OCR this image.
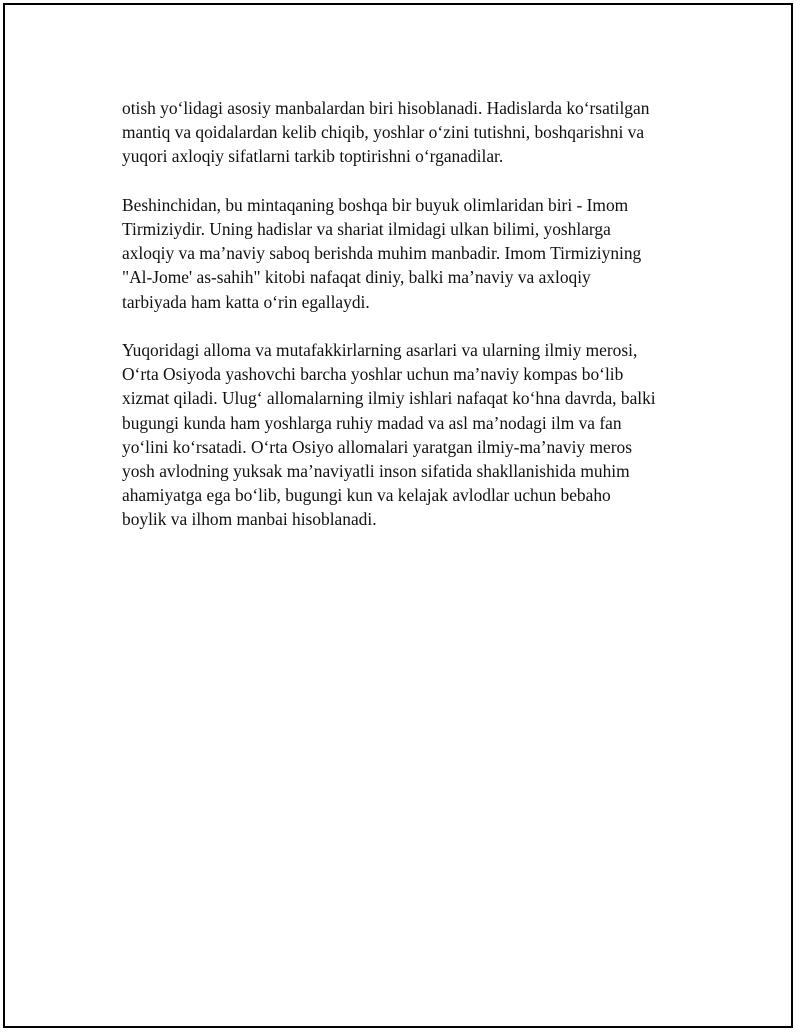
otish yo‘lidagi asosiy manbalardan biri hisoblanadi. Hadislarda ko‘rsatilgan
mantiq va qoidalardan kelib chiqib, yoshlar o‘zini tutishni, boshqarishni va
yuqori axloqiy sifatlarni tarkib toptirishni o‘rganadilar.

Beshinchidan, bu mintaqaning boshqa bir buyuk olimlaridan biri - Imom
Tirmiziydir. Uning hadislar va shariat ilmidagi ulkan bilimi, yoshlarga
axloqiy va ma’naviy saboq berishda muhim manbadir. Imom Tirmiziyning
"Al-Jome' as-sahih" kitobi nafaqat diniy, balki ma’naviy va axloqiy
tarbiyada ham katta o‘rin egallaydi.

Yuqoridagi alloma va mutafakkirlarning asarlari va ularning ilmiy merosi,
O‘rta Osiyoda yashovchi barcha yoshlar uchun ma’naviy kompas bo‘lib
xizmat qiladi. Ulug‘ allomalarning ilmiy ishlari nafaqat ko‘hna davrda, balki
bugungi kunda ham yoshlarga ruhiy madad va asl ma’nodagi ilm va fan
yo‘lini ko‘rsatadi. O‘rta Osiyo allomalari yaratgan ilmiy-ma’naviy meros
yosh avlodning yuksak ma’naviyatli inson sifatida shakllanishida muhim
ahamiyatga ega bo‘lib, bugungi kun va kelajak avlodlar uchun bebaho
boylik va ilhom manbai hisoblanadi.
